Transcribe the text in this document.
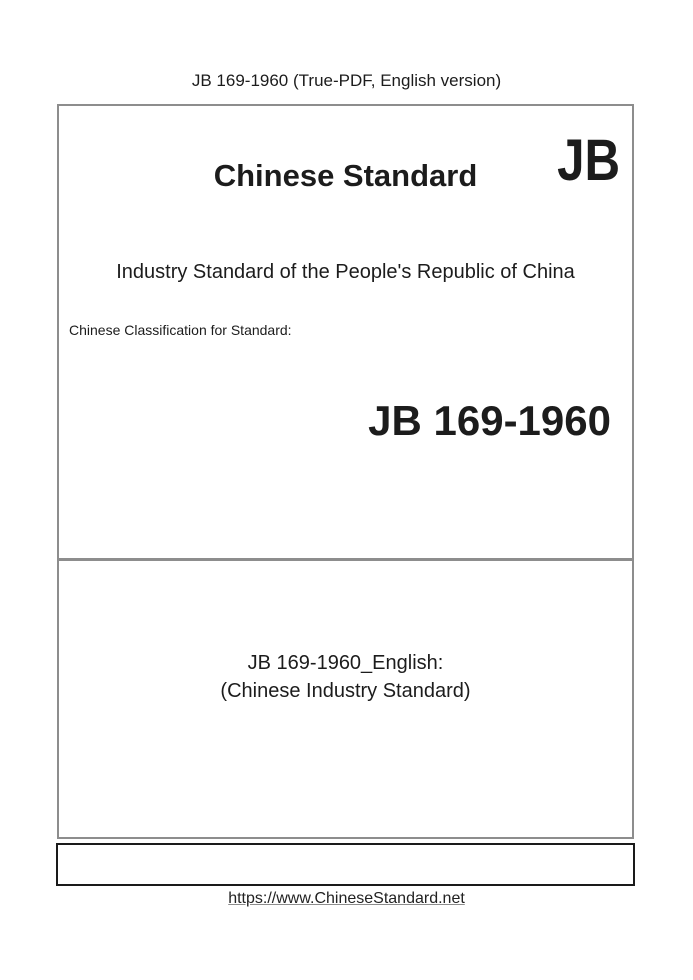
JB 169-1960 (True-PDF, English version)
Chinese Standard	JB
Industry Standard of the People's Republic of China
Chinese Classification for Standard:
JB 169-1960
JB 169-1960_English:
(Chinese Industry Standard)
https://www.ChineseStandard.net
